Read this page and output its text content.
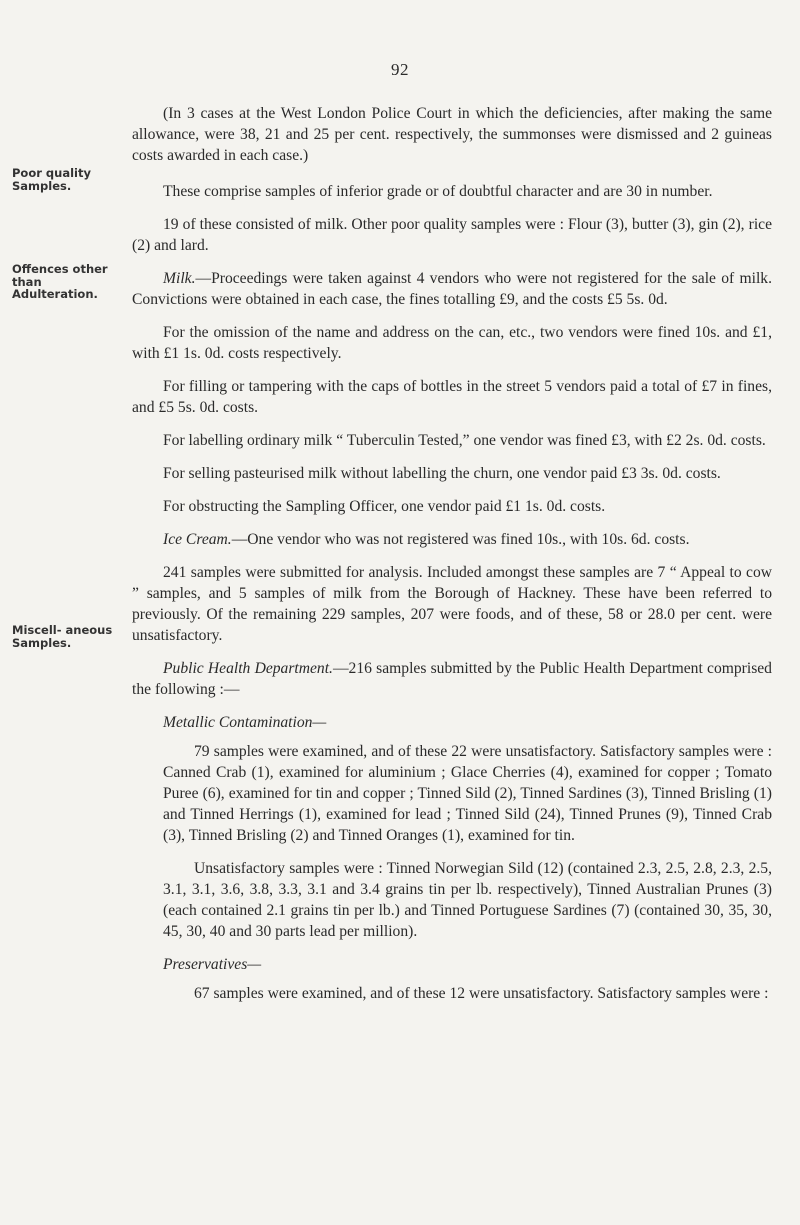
92
Poor quality Samples.
Offences other than Adulteration.
Miscell- aneous Samples.

(In 3 cases at the West London Police Court in which the deficiencies, after making the same allowance, were 38, 21 and 25 per cent. respectively, the summonses were dismissed and 2 guineas costs awarded in each case.)

These comprise samples of inferior grade or of doubtful character and are 30 in number.

19 of these consisted of milk. Other poor quality samples were : Flour (3), butter (3), gin (2), rice (2) and lard.

Milk.—Proceedings were taken against 4 vendors who were not registered for the sale of milk. Convictions were obtained in each case, the fines totalling £9, and the costs £5 5s. 0d.

For the omission of the name and address on the can, etc., two vendors were fined 10s. and £1, with £1 1s. 0d. costs respectively.

For filling or tampering with the caps of bottles in the street 5 vendors paid a total of £7 in fines, and £5 5s. 0d. costs.

For labelling ordinary milk “ Tuberculin Tested,” one vendor was fined £3, with £2 2s. 0d. costs.

For selling pasteurised milk without labelling the churn, one vendor paid £3 3s. 0d. costs.

For obstructing the Sampling Officer, one vendor paid £1 1s. 0d. costs.

Ice Cream.—One vendor who was not registered was fined 10s., with 10s. 6d. costs.

241 samples were submitted for analysis. Included amongst these samples are 7 “ Appeal to cow ” samples, and 5 samples of milk from the Borough of Hackney. These have been referred to previously. Of the remaining 229 samples, 207 were foods, and of these, 58 or 28.0 per cent. were unsatisfactory.

Public Health Department.—216 samples submitted by the Public Health Department comprised the following :—

Metallic Contamination—

79 samples were examined, and of these 22 were unsatisfactory. Satisfactory samples were : Canned Crab (1), examined for aluminium ; Glace Cherries (4), examined for copper ; Tomato Puree (6), examined for tin and copper ; Tinned Sild (2), Tinned Sardines (3), Tinned Brisling (1) and Tinned Herrings (1), examined for lead ; Tinned Sild (24), Tinned Prunes (9), Tinned Crab (3), Tinned Brisling (2) and Tinned Oranges (1), examined for tin.

Unsatisfactory samples were : Tinned Norwegian Sild (12) (contained 2.3, 2.5, 2.8, 2.3, 2.5, 3.1, 3.1, 3.6, 3.8, 3.3, 3.1 and 3.4 grains tin per lb. respectively), Tinned Australian Prunes (3) (each contained 2.1 grains tin per lb.) and Tinned Portuguese Sardines (7) (contained 30, 35, 30, 45, 30, 40 and 30 parts lead per million).

Preservatives—

67 samples were examined, and of these 12 were unsatisfactory. Satisfactory samples were :
